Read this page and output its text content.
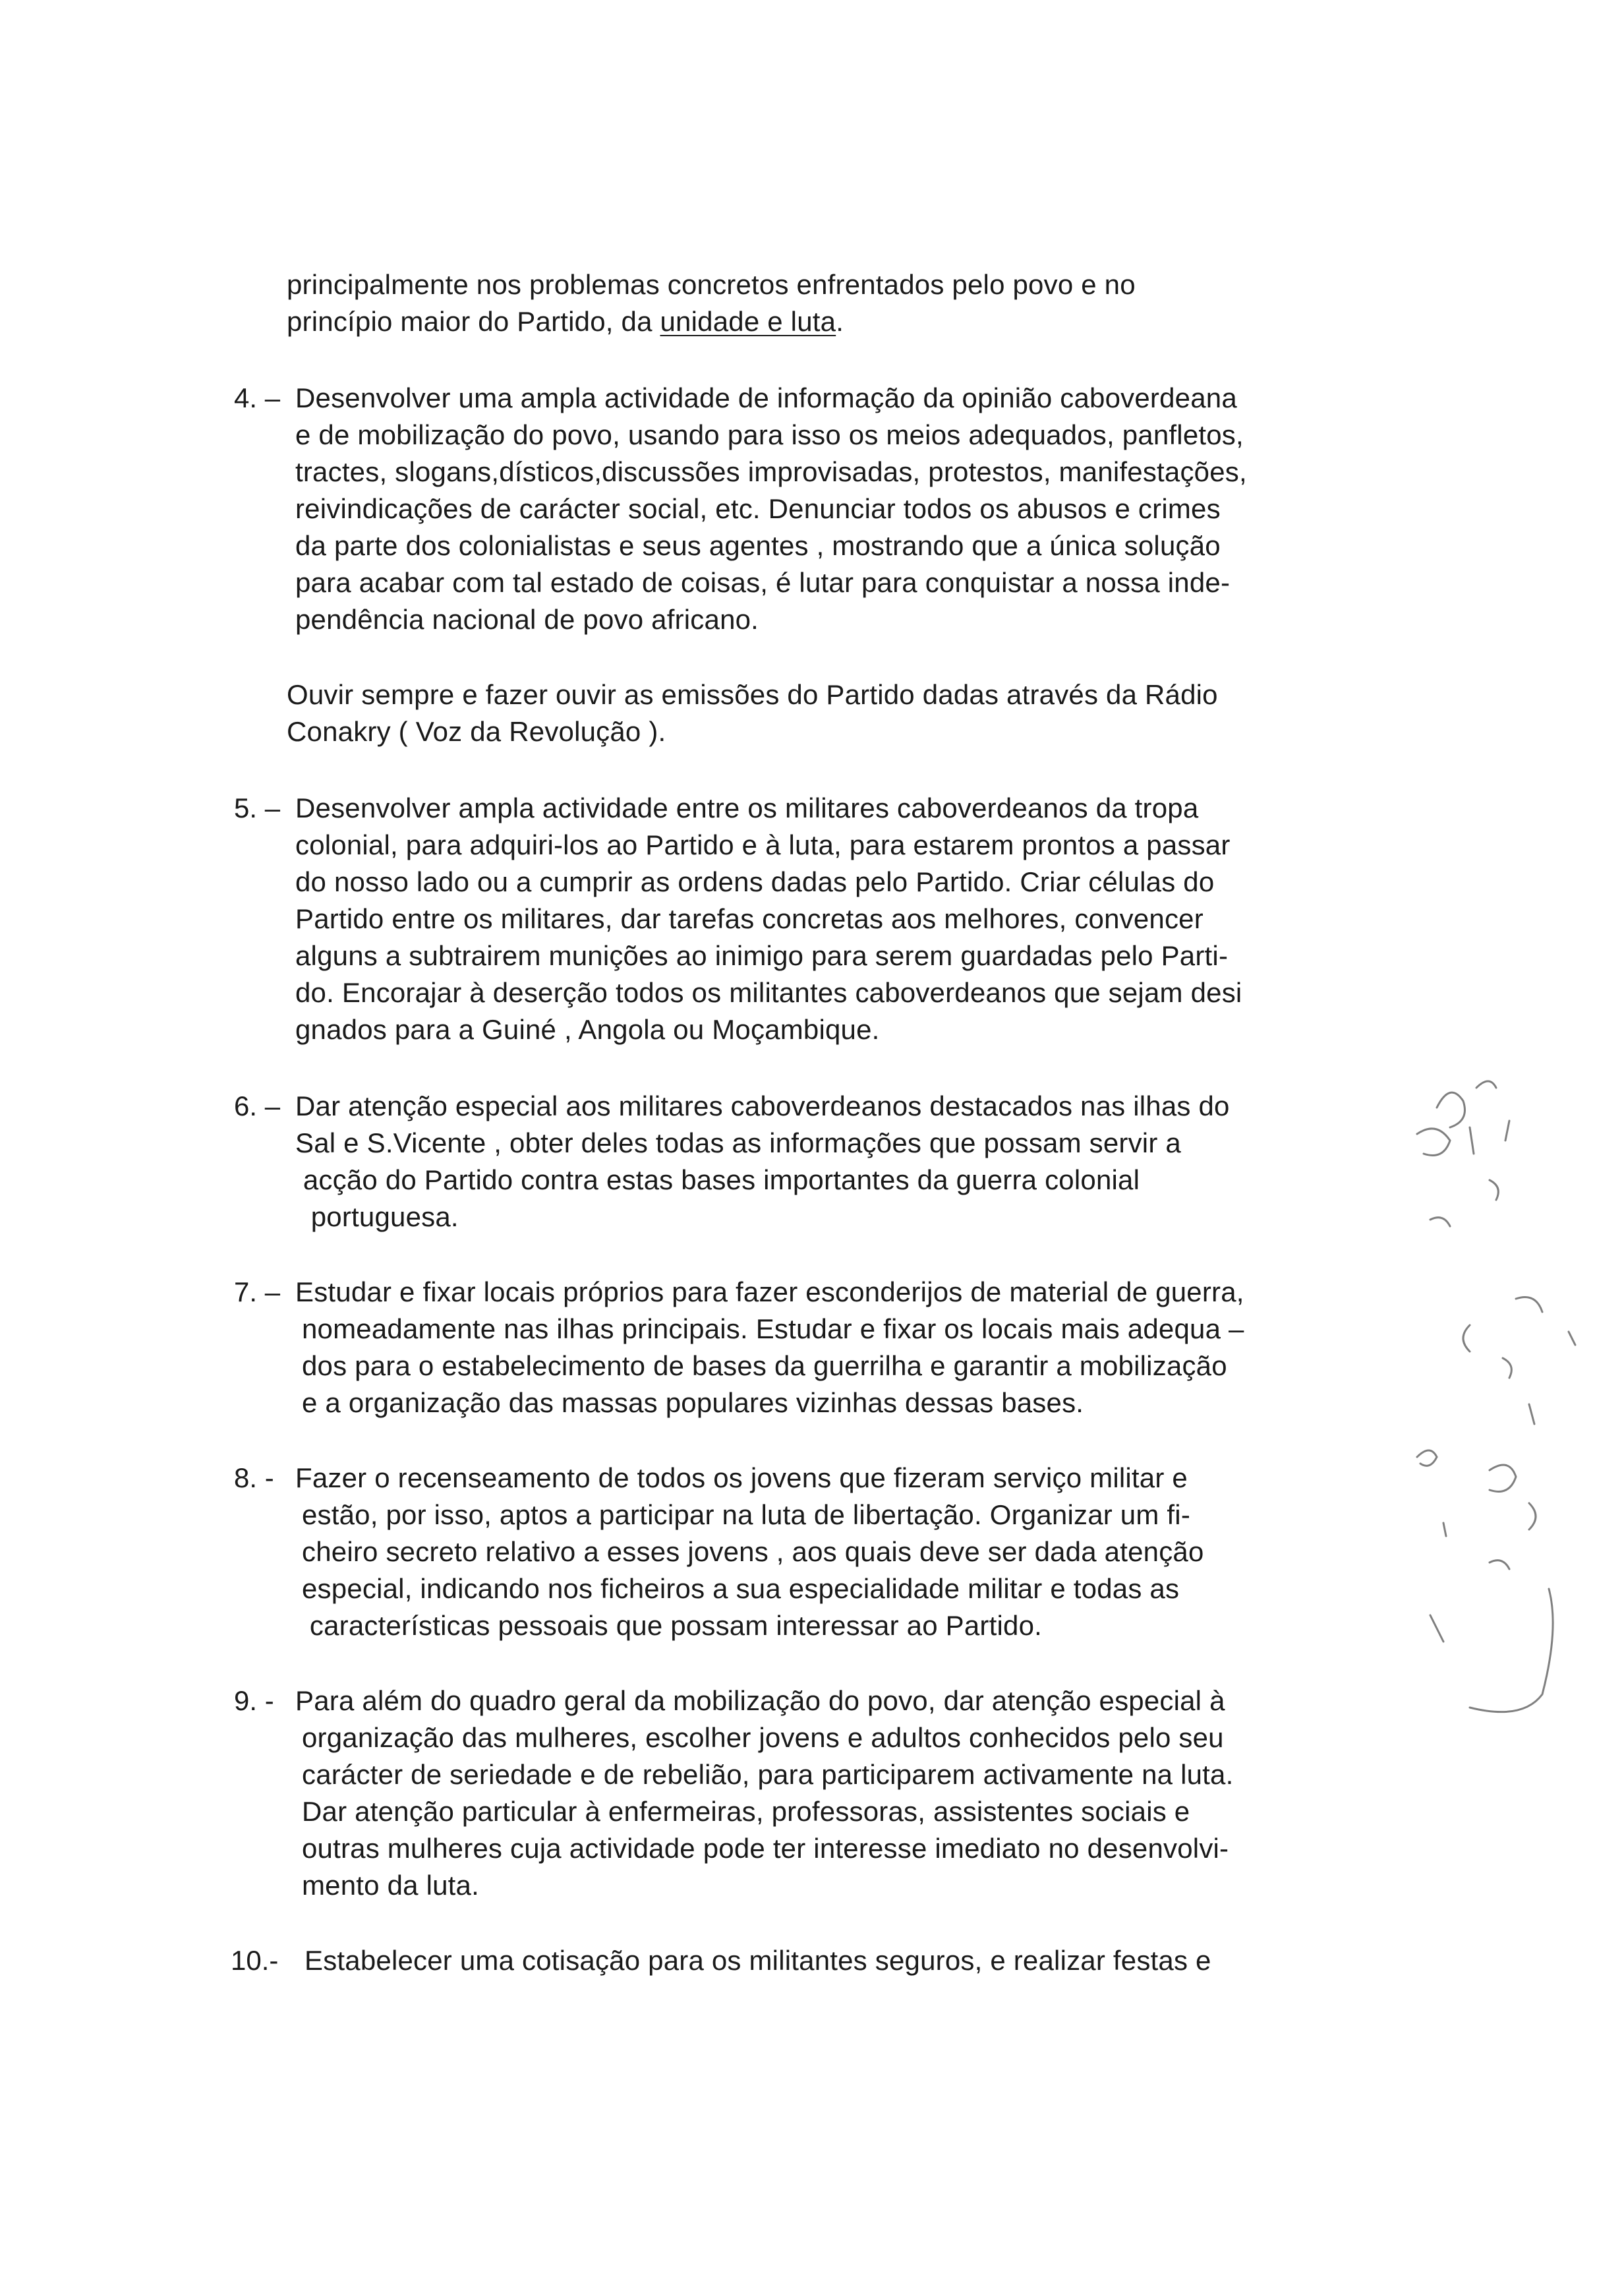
principalmente nos problemas concretos enfrentados pelo povo e no
princípio maior do Partido, da unidade e luta.
4. – Desenvolver uma ampla actividade de informação da opinião caboverdeana
e de mobilização do povo, usando para isso os meios adequados, panfletos,
tractes, slogans,dísticos,discussões improvisadas, protestos, manifestações,
reivindicações de carácter social, etc. Denunciar todos os abusos e crimes
da parte dos colonialistas e seus agentes , mostrando que a única solução
para acabar com tal estado de coisas, é lutar para conquistar a nossa inde-
pendência nacional de povo africano.
Ouvir sempre e fazer ouvir as emissões do Partido dadas através da Rádio
Conakry ( Voz da Revolução ).
5. – Desenvolver ampla actividade entre os militares caboverdeanos da tropa
colonial, para adquiri-los ao Partido e à luta, para estarem prontos a passar
do nosso lado ou a cumprir as ordens dadas pelo Partido. Criar células do
Partido entre os militares, dar tarefas concretas aos melhores, convencer
alguns a subtrairem munições ao inimigo para serem guardadas pelo Parti-
do. Encorajar à deserção todos os militantes caboverdeanos que sejam desi
gnados para a Guiné , Angola ou Moçambique.
6. – Dar atenção especial aos militares caboverdeanos destacados nas ilhas do
Sal e S.Vicente , obter deles todas as informações que possam servir a
acção do Partido contra estas bases importantes da guerra colonial
portuguesa.
7. – Estudar e fixar locais próprios para fazer esconderijos de material de guerra,
nomeadamente nas ilhas principais. Estudar e fixar os locais mais adequa –
dos para o estabelecimento de bases da guerrilha e garantir a mobilização
e a organização das massas populares vizinhas dessas bases.
8. - Fazer o recenseamento de todos os jovens que fizeram serviço militar e
estão, por isso, aptos a participar na luta de libertação. Organizar um fi-
cheiro secreto relativo a esses jovens , aos quais deve ser dada atenção
especial, indicando nos ficheiros a sua especialidade militar e todas as
características pessoais que possam interessar ao Partido.
9. - Para além do quadro geral da mobilização do povo, dar atenção especial à
organização das mulheres, escolher jovens e adultos conhecidos pelo seu
carácter de seriedade e de rebelião, para participarem activamente na luta.
Dar atenção particular à enfermeiras, professoras, assistentes sociais e
outras mulheres cuja actividade pode ter interesse imediato no desenvolvi-
mento da luta.
10.- Estabelecer uma cotisação para os militantes seguros, e realizar festas e
